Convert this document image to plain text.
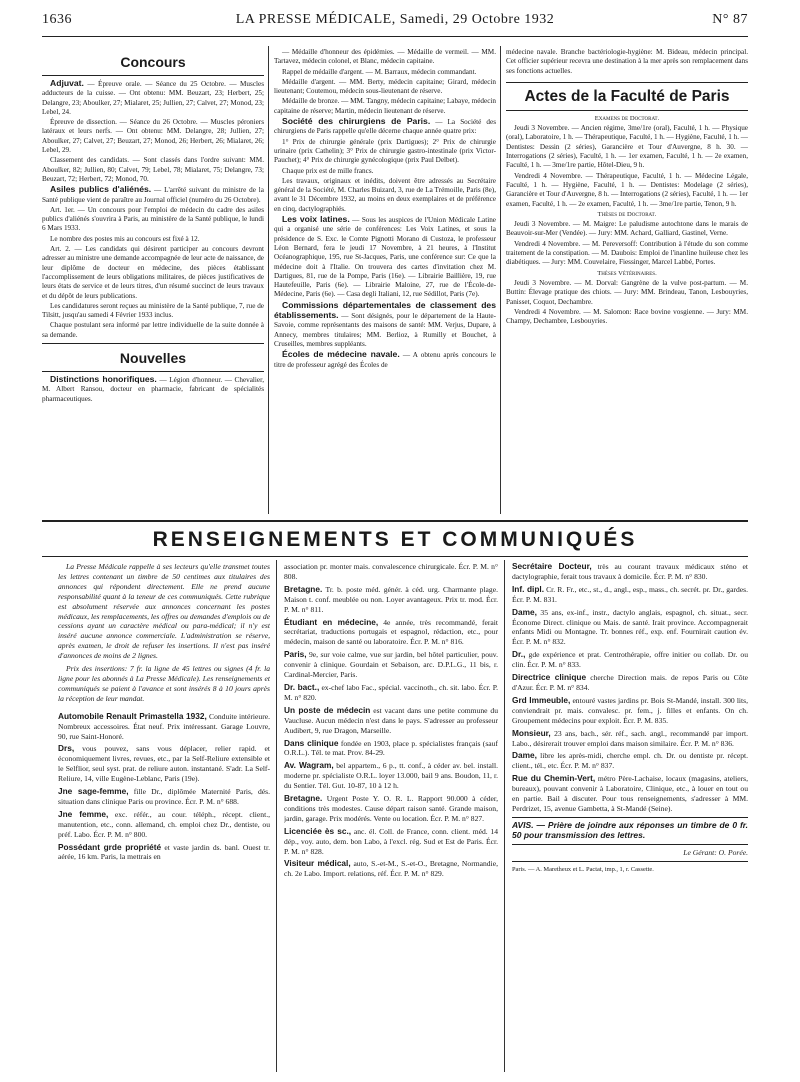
1636	LA PRESSE MÉDICALE, Samedi, 29 Octobre 1932	N° 87
Concours

Adjuvat. — Épreuve orale. — Séance du 25 Octobre. — Muscles adducteurs de la cuisse. — Ont obtenu: MM. Beuzart, 23; Herbert, 25; Delangre, 23; Aboulker, 27; Mialaret, 25; Jullien, 27; Calvet, 27; Monod, 23; Lebel, 24.

Épreuve de dissection. — Séance du 26 Octobre. — Muscles péroniers latéraux et leurs nerfs. — Ont obtenu: MM. Delangre, 28; Jullien, 27; Aboulker, 27; Calvet, 27; Beuzart, 27; Monod, 26; Herbert, 26; Mialaret, 26; Lebel, 29.

Classement des candidats. — Sont classés dans l'ordre suivant: MM. Aboulker, 82; Jullien, 80; Calvet, 79; Lebel, 78; Mialaret, 75; Delangre, 73; Beuzart, 72; Herbert, 72; Monod, 70.

Asiles publics d'aliénés. — L'arrêté suivant du ministre de la Santé publique vient de paraître au Journal officiel (numéro du 26 Octobre).

Art. 1er. — Un concours pour l'emploi de médecin du cadre des asiles publics d'aliénés s'ouvrira à Paris, au ministère de la Santé publique, le lundi 6 Mars 1933.

Le nombre des postes mis au concours est fixé à 12.

Art. 2. — Les candidats qui désirent participer au concours devront adresser au ministre une demande accompagnée de leur acte de naissance, de leur diplôme de docteur en médecine, des pièces établissant l'accomplissement de leurs obligations militaires, de pièces justificatives de leurs états de service et de leurs titres, d'un résumé succinct de leurs travaux et du dépôt de leurs publications.

Les candidatures seront reçues au ministère de la Santé publique, 7, rue de Tilsitt, jusqu'au samedi 4 Février 1933 inclus.

Chaque postulant sera informé par lettre individuelle de la suite donnée à sa demande.

Nouvelles

Distinctions honorifiques. — Légion d'honneur. — Chevalier, M. Albert Ransou, docteur en pharmacie, fabricant de spécialités pharmaceutiques.

— Médaille d'honneur des épidémies. — Médaille de vermeil. — MM. Tartavez, médecin colonel, et Blanc, médecin capitaine.

Rappel de médaille d'argent. — M. Barraux, médecin commandant.

Médaille d'argent. — MM. Berty, médecin capitaine; Girard, médecin lieutenant; Coutemou, médecin sous-lieutenant de réserve.

Médaille de bronze. — MM. Tangny, médecin capitaine; Labaye, médecin capitaine de réserve; Martin, médecin lieutenant de réserve.

Société des chirurgiens de Paris. — La Société des chirurgiens de Paris rappelle qu'elle décerne chaque année quatre prix:

1° Prix de chirurgie générale (prix Dartigues); 2° Prix de chirurgie urinaire (prix Cathelin); 3° Prix de chirurgie gastro-intestinale (prix Victor-Pauchet); 4° Prix de chirurgie gynécologique (prix Paul Delbet).

Chaque prix est de mille francs.

Les travaux, originaux et inédits, doivent être adressés au Secrétaire général de la Société, M. Charles Buizard, 3, rue de La Trémoille, Paris (8e), avant le 31 Décembre 1932, au moins en deux exemplaires et de préférence en cinq, dactylographiés.

Les voix latines. — Sous les auspices de l'Union Médicale Latine qui a organisé une série de conférences: Les Voix Latines, et sous la présidence de S. Exc. le Comte Pignotti Morano di Custoza, le professeur Léon Bernard, fera le jeudi 17 Novembre, à 21 heures, à l'Institut Océanographique, 195, rue St-Jacques, Paris, une conférence sur: Ce que la médecine doit à l'Italie. On trouvera des cartes d'invitation chez M. Dartigues, 81, rue de la Pompe, Paris (16e). — Librairie Baillière, 19, rue Hautefeuille, Paris (6e). — Librairie Maloine, 27, rue de l'École-de-Médecine, Paris (6e). — Casa degli Italiani, 12, rue Sédillot, Paris (7e).

Commissions départementales de classement des établissements. — Sont désignés, pour le département de la Haute-Savoie, comme représentants des maisons de santé: MM. Verjus, Dupare, à Annecy, membres titulaires; MM. Berlioz, à Rumilly et Bouchet, à Cruseilles, membres suppléants.

Écoles de médecine navale. — A obtenu après concours le titre de professeur agrégé des Écoles de

médecine navale. Branche bactériologie-hygiène: M. Bideau, médecin principal. Cet officier supérieur recevra une destination à la mer après son remplacement dans ses fonctions actuelles.

Actes de la Faculté de Paris

Examens de Doctorat.

Jeudi 3 Novembre. — Ancien régime, 3me/1re (oral), Faculté, 1 h. — Physique (oral), Laboratoire, 1 h. — Thérapeutique, Faculté, 1 h. — Hygiène, Faculté, 1 h. — Dentistes: Dessin (2 séries), Garancière et Tour d'Auvergne, 8 h. 30. — Interrogations (2 séries), Faculté, 1 h. — 1er examen, Faculté, 1 h. — 2e examen, Faculté, 1 h. — 3me/1re partie, Hôtel-Dieu, 9 h.

Vendredi 4 Novembre. — Thérapeutique, Faculté, 1 h. — Médecine Légale, Faculté, 1 h. — Hygiène, Faculté, 1 h. — Dentistes: Modelage (2 séries), Garancière et Tour d'Auvergne, 8 h. — Interrogations (2 séries), Faculté, 1 h. — 1er examen, Faculté, 1 h. — 2e examen, Faculté, 1 h. — 3me/1re partie, Tenon, 9 h.

Thèses de Doctorat.

Jeudi 3 Novembre. — M. Maigre: Le paludisme autochtone dans le marais de Beauvoir-sur-Mer (Vendée). — Jury: MM. Achard, Galliard, Gastinel, Verne.

Vendredi 4 Novembre. — M. Pereversoff: Contribution à l'étude du son comme traitement de la constipation. — M. Daubois: Emploi de l'inanline huileuse chez les diabétiques. — Jury: MM. Couvelaire, Fiessinger, Marcel Labbé, Portes.

Thèses Vétérinaires.

Jeudi 3 Novembre. — M. Dorval: Gangrène de la vulve post-partum. — M. Buttin: Élevage pratique des chiots. — Jury: MM. Brindeau, Tanon, Lesbouyries, Panisset, Coquot, Dechambre.

Vendredi 4 Novembre. — M. Salomon: Race bovine vosgienne. — Jury: MM. Champy, Dechambre, Lesbouyries.

RENSEIGNEMENTS ET COMMUNIQUÉS

La Presse Médicale rappelle à ses lecteurs qu'elle transmet toutes les lettres contenant un timbre de 50 centimes aux titulaires des annonces qui répondent directement. Elle ne prend aucune responsabilité quant à la teneur de ces communiqués. Cette rubrique est absolument réservée aux annonces concernant les postes médicaux, les remplacements, les offres ou demandes d'emplois ou de cessions ayant un caractère médical ou para-médical; il n'y est inséré aucune annonce commerciale. L'administration se réserve, après examen, le droit de refuser les insertions. Il n'est pas inséré d'annonces de moins de 2 lignes.

Prix des insertions: 7 fr. la ligne de 45 lettres ou signes (4 fr. la ligne pour les abonnés à La Presse Médicale). Les renseignements et communiqués se paient à l'avance et sont insérés 8 à 10 jours après la réception de leur mandat.

Automobile Renault Primastella 1932, Conduite intérieure. Nombreux accessoires. État neuf. Prix intéressant. Garage Louvre, 90, rue Saint-Honoré.

Drs, vous pouvez, sans vous déplacer, relier rapid. et économiquement livres, revues, etc., par la Self-Reliure extensible et le Selflior, seul syst. prat. de reliure auton. instantané. S'adr. La Self-Reliure, 14, ville Eugène-Leblanc, Paris (19e).

Jne sage-femme, fille Dr., diplômée Maternité Paris, dés. situation dans clinique Paris ou province. Écr. P. M. n° 688.

Jne femme, exc. référ., au cour. téléph., récept. client., manutention, etc., conn. allemand, ch. emploi chez Dr., dentiste, ou préf. Labo. Écr. P. M. n° 800.

Possédant grde propriété et vaste jardin ds. banl. Ouest tr. aérée, 16 km. Paris, la mettrais en

association pr. monter mais. convalescence chirurgicale. Écr. P. M. n° 808.

Bretagne. Tr. b. poste méd. génér. à céd. urg. Charmante plage. Maison t. conf. meublée ou non. Loyer avantageux. Prix tr. mod. Écr. P. M. n° 811.

Étudiant en médecine, 4e année, très recommandé, ferait secrétariat, traductions portugais et espagnol, rédaction, etc., pour médecin, maison de santé ou laboratoire. Écr. P. M. n° 816.

Paris, 9e, sur voie calme, vue sur jardin, bel hôtel particulier, pouv. convenir à clinique. Gourdain et Sebaison, arc. D.P.L.G., 11 bis, r. Cardinal-Mercier, Paris.

Dr. bact., ex-chef labo Fac., spécial. vaccinoth., ch. sit. labo. Écr. P. M. n° 820.

Un poste de médecin est vacant dans une petite commune du Vaucluse. Aucun médecin n'est dans le pays. S'adresser au professeur Audibert, 9, rue Dragon, Marseille.

Dans clinique fondée en 1903, place p. spécialistes français (sauf O.R.L.). Tél. te mat. Prov. 84-29.

Av. Wagram, bel appartem., 6 p., tt. conf., à céder av. bel. install. moderne pr. spécialiste O.R.L. loyer 13.000, bail 9 ans. Boudon, 11, r. du Sentier. Tél. Gut. 10-87, 10 à 12 h.

Bretagne. Urgent Poste Y. O. R. L. Rapport 90.000 à céder, conditions très modestes. Cause départ raison santé. Grande maison, jardin, garage. Prix modérés. Vente ou location. Écr. P. M. n° 827.

Licenciée ès sc., anc. él. Coll. de France, conn. client. méd. 14 dép., voy. auto, dem. bon Labo, à l'excl. rég. Sud et Est de Paris. Écr. P. M. n° 828.

Visiteur médical, auto, S.-et-M., S.-et-O., Bretagne, Normandie, ch. 2e Labo. Import. relations, réf. Écr. P. M. n° 829.

Secrétaire Docteur, très au courant travaux médicaux sténo et dactylographie, ferait tous travaux à domicile. Écr. P. M. n° 830.

Inf. dipl. Cr. R. Fr., etc., st., d., angl., esp., mass., ch. secrét. pr. Dr., gardes. Écr. P. M. 831.

Dame, 35 ans, ex-inf., instr., dactylo anglais, espagnol, ch. situat., secr. Économe Direct. clinique ou Mais. de santé. Irait province. Accompagnerait enfants Midi ou Montagne. Tr. bonnes réf., exp. enf. Fournirait caution év. Écr. P. M. n° 832.

Dr., gde expérience et prat. Centrothérapie, offre initier ou collab. Dr. ou clin. Écr. P. M. n° 833.

Directrice clinique cherche Direction mais. de repos Paris ou Côte d'Azur. Écr. P. M. n° 834.

Grd Immeuble, entouré vastes jardins pr. Bois St-Mandé, install. 300 lits, conviendrait pr. mais. convalesc. pr. fem., j. filles et enfants. On ch. Groupement médecins pour exploit. Écr. P. M. 835.

Monsieur, 23 ans, bach., sér. réf., sach. angl., recommandé par import. Labo., désirerait trouver emploi dans maison similaire. Écr. P. M. n° 836.

Dame, libre les après-midi, cherche empl. ch. Dr. ou dentiste pr. récept. client., tél., etc. Écr. P. M. n° 837.

Rue du Chemin-Vert, métro Père-Lachaise, locaux (magasins, ateliers, bureaux), pouvant convenir à Laboratoire, Clinique, etc., à louer en tout ou en partie. Bail à discuter. Pour tous renseignements, s'adresser à MM. Perdrizet, 15, avenue Gambetta, à St-Mandé (Seine).

AVIS. — Prière de joindre aux réponses un timbre de 0 fr. 50 pour transmission des lettres.

Le Gérant: O. Porée.

Paris. — A. Maretheux et L. Pactat, imp., 1, r. Cassette.
